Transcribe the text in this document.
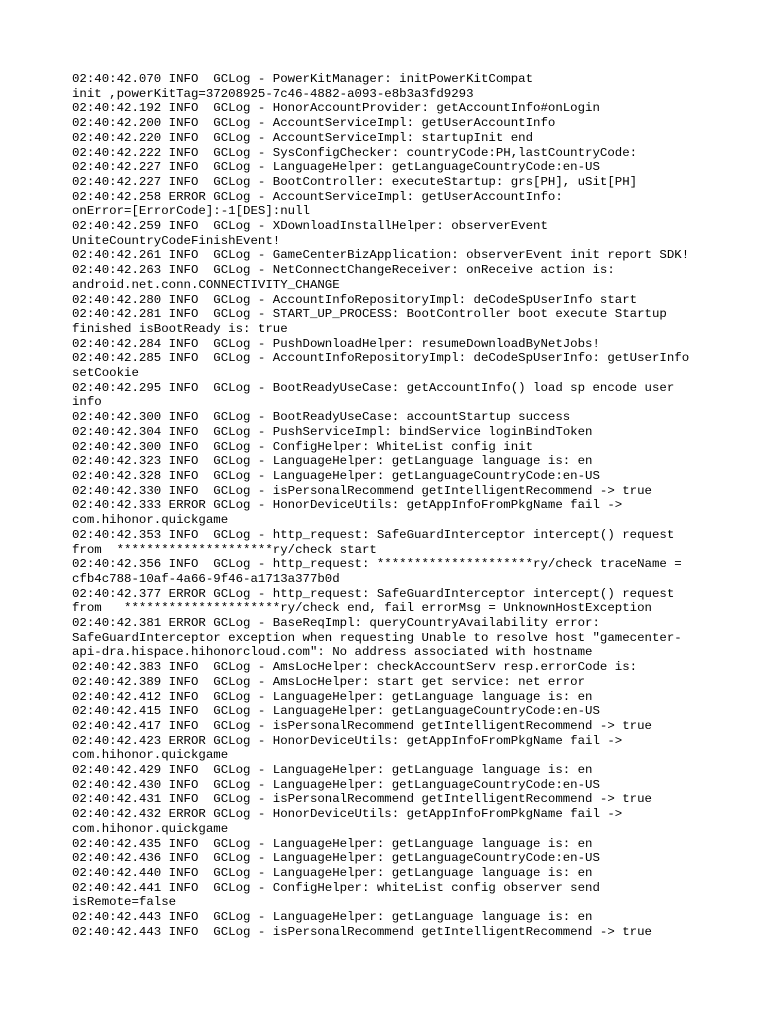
02:40:42.070 INFO  GCLog - PowerKitManager: initPowerKitCompat
init ,powerKitTag=37208925-7c46-4882-a093-e8b3a3fd9293
02:40:42.192 INFO  GCLog - HonorAccountProvider: getAccountInfo#onLogin
02:40:42.200 INFO  GCLog - AccountServiceImpl: getUserAccountInfo
02:40:42.220 INFO  GCLog - AccountServiceImpl: startupInit end
02:40:42.222 INFO  GCLog - SysConfigChecker: countryCode:PH,lastCountryCode:
02:40:42.227 INFO  GCLog - LanguageHelper: getLanguageCountryCode:en-US
02:40:42.227 INFO  GCLog - BootController: executeStartup: grs[PH], uSit[PH]
02:40:42.258 ERROR GCLog - AccountServiceImpl: getUserAccountInfo:
onError=[ErrorCode]:-1[DES]:null
02:40:42.259 INFO  GCLog - XDownloadInstallHelper: observerEvent
UniteCountryCodeFinishEvent!
02:40:42.261 INFO  GCLog - GameCenterBizApplication: observerEvent init report SDK!
02:40:42.263 INFO  GCLog - NetConnectChangeReceiver: onReceive action is:
android.net.conn.CONNECTIVITY_CHANGE
02:40:42.280 INFO  GCLog - AccountInfoRepositoryImpl: deCodeSpUserInfo start
02:40:42.281 INFO  GCLog - START_UP_PROCESS: BootController boot execute Startup
finished isBootReady is: true
02:40:42.284 INFO  GCLog - PushDownloadHelper: resumeDownloadByNetJobs!
02:40:42.285 INFO  GCLog - AccountInfoRepositoryImpl: deCodeSpUserInfo: getUserInfo
setCookie
02:40:42.295 INFO  GCLog - BootReadyUseCase: getAccountInfo() load sp encode user
info
02:40:42.300 INFO  GCLog - BootReadyUseCase: accountStartup success
02:40:42.304 INFO  GCLog - PushServiceImpl: bindService loginBindToken
02:40:42.300 INFO  GCLog - ConfigHelper: WhiteList config init
02:40:42.323 INFO  GCLog - LanguageHelper: getLanguage language is: en
02:40:42.328 INFO  GCLog - LanguageHelper: getLanguageCountryCode:en-US
02:40:42.330 INFO  GCLog - isPersonalRecommend getIntelligentRecommend -> true
02:40:42.333 ERROR GCLog - HonorDeviceUtils: getAppInfoFromPkgName fail ->
com.hihonor.quickgame
02:40:42.353 INFO  GCLog - http_request: SafeGuardInterceptor intercept() request
from  *********************ry/check start
02:40:42.356 INFO  GCLog - http_request: *********************ry/check traceName =
cfb4c788-10af-4a66-9f46-a1713a377b0d
02:40:42.377 ERROR GCLog - http_request: SafeGuardInterceptor intercept() request
from   *********************ry/check end, fail errorMsg = UnknownHostException
02:40:42.381 ERROR GCLog - BaseReqImpl: queryCountryAvailability error:
SafeGuardInterceptor exception when requesting Unable to resolve host "gamecenter-
api-dra.hispace.hihonorcloud.com": No address associated with hostname
02:40:42.383 INFO  GCLog - AmsLocHelper: checkAccountServ resp.errorCode is:
02:40:42.389 INFO  GCLog - AmsLocHelper: start get service: net error
02:40:42.412 INFO  GCLog - LanguageHelper: getLanguage language is: en
02:40:42.415 INFO  GCLog - LanguageHelper: getLanguageCountryCode:en-US
02:40:42.417 INFO  GCLog - isPersonalRecommend getIntelligentRecommend -> true
02:40:42.423 ERROR GCLog - HonorDeviceUtils: getAppInfoFromPkgName fail ->
com.hihonor.quickgame
02:40:42.429 INFO  GCLog - LanguageHelper: getLanguage language is: en
02:40:42.430 INFO  GCLog - LanguageHelper: getLanguageCountryCode:en-US
02:40:42.431 INFO  GCLog - isPersonalRecommend getIntelligentRecommend -> true
02:40:42.432 ERROR GCLog - HonorDeviceUtils: getAppInfoFromPkgName fail ->
com.hihonor.quickgame
02:40:42.435 INFO  GCLog - LanguageHelper: getLanguage language is: en
02:40:42.436 INFO  GCLog - LanguageHelper: getLanguageCountryCode:en-US
02:40:42.440 INFO  GCLog - LanguageHelper: getLanguage language is: en
02:40:42.441 INFO  GCLog - ConfigHelper: whiteList config observer send
isRemote=false
02:40:42.443 INFO  GCLog - LanguageHelper: getLanguage language is: en
02:40:42.443 INFO  GCLog - isPersonalRecommend getIntelligentRecommend -> true
